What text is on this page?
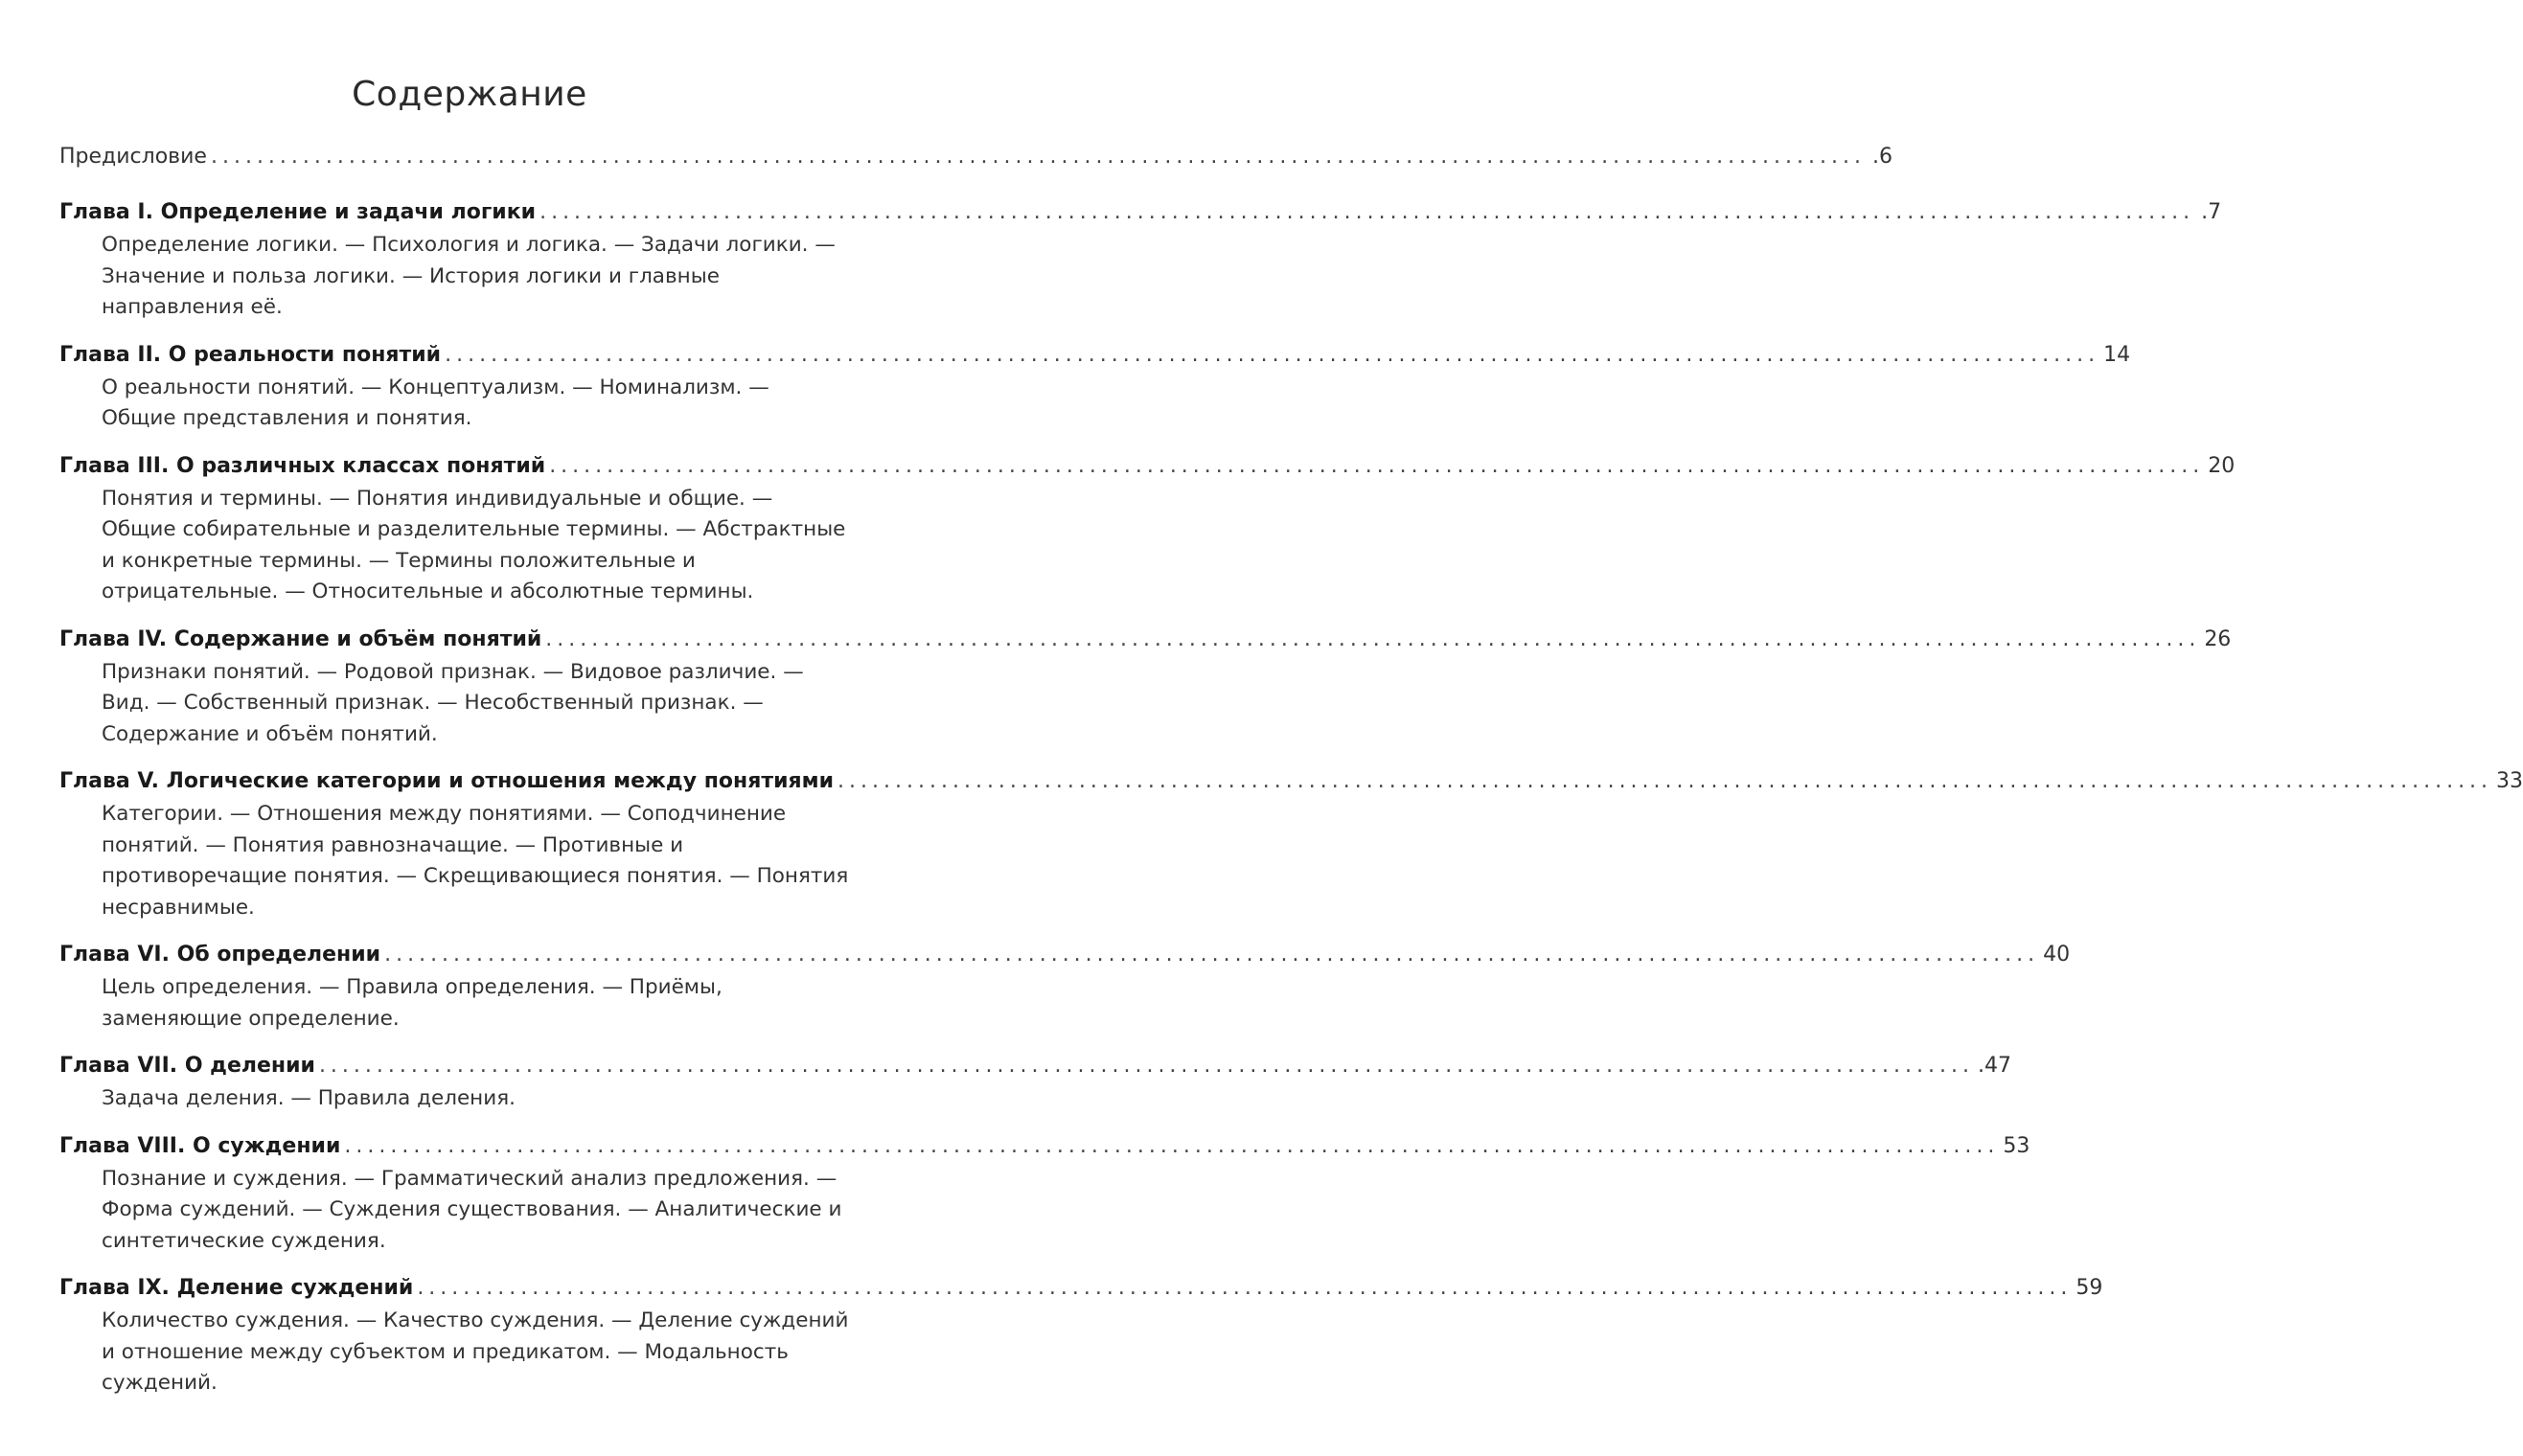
Содержание
Предисловие ................................................................................................................................................ .6
Глава I. Определение и задачи логики ................................................................................................................................................ .7
Определение логики. — Психология и логика. — Задачи логики. — Значение и польза логики. — История логики и главные направления её.
Глава II. О реальности понятий ................................................................................................................................................ 14
О реальности понятий. — Концептуализм. — Номинализм. — Общие представления и понятия.
Глава III. О различных классах понятий ................................................................................................................................................ 20
Понятия и термины. — Понятия индивидуальные и общие. — Общие собирательные и разделительные термины. — Абстрактные и конкретные термины. — Термины положительные и отрицательные. — Относительные и абсолютные термины.
Глава IV. Содержание и объём понятий ................................................................................................................................................ 26
Признаки понятий. — Родовой признак. — Видовое различие. — Вид. — Собственный признак. — Несобственный признак. — Содержание и объём понятий.
Глава V. Логические категории и отношения между понятиями ................................................................................................................................................ 33
Категории. — Отношения между понятиями. — Соподчинение понятий. — Понятия равнозначащие. — Противные и противоречащие понятия. — Скрещивающиеся понятия. — Понятия несравнимые.
Глава VI. Об определении ................................................................................................................................................ 40
Цель определения. — Правила определения. — Приёмы, заменяющие определение.
Глава VII. О делении ................................................................................................................................................ .47
Задача деления. — Правила деления.
Глава VIII. О суждении ................................................................................................................................................ 53
Познание и суждения. — Грамматический анализ предложения. — Форма суждений. — Суждения существования. — Аналитические и синтетические суждения.
Глава IX. Деление суждений ................................................................................................................................................ 59
Количество суждения. — Качество суждения. — Деление суждений и отношение между субъектом и предикатом. — Модальность суждений.
